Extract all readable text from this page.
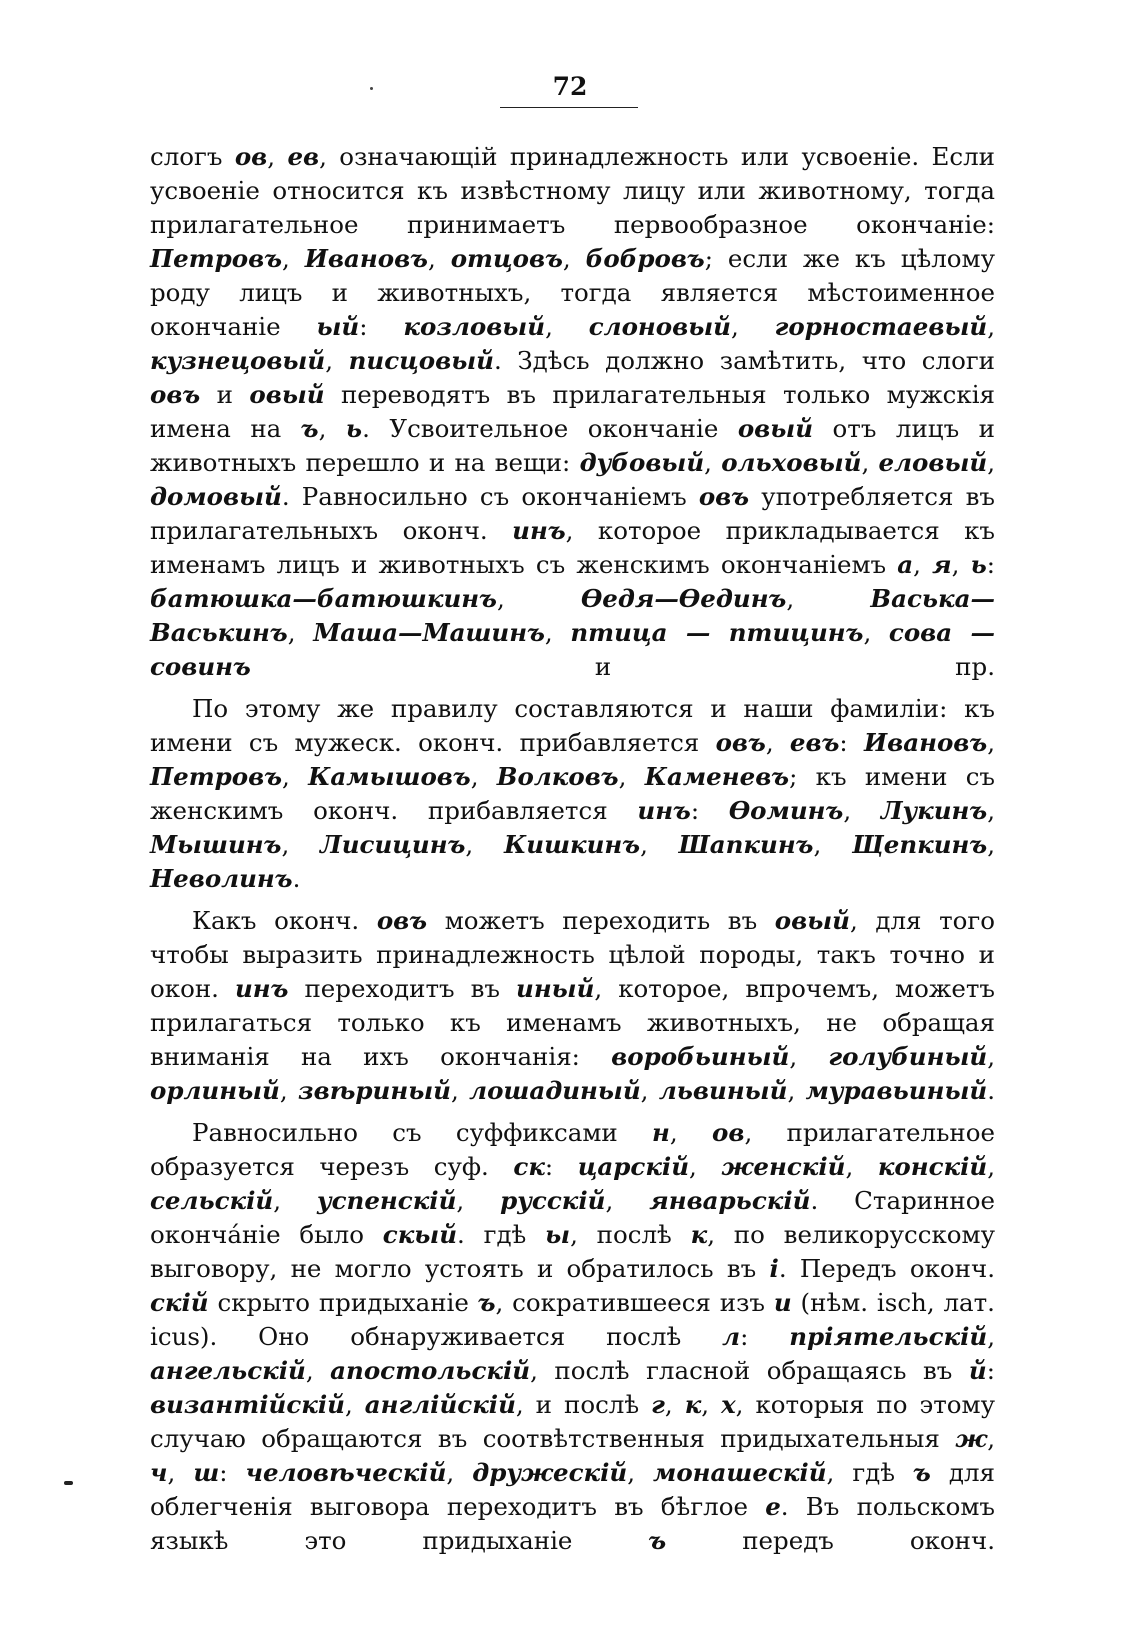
72

слогъ ов, ев, означающій принадлежность или усвоеніе. Если усвоеніе относится къ извѣстному лицу или животному, тогда прилагательное принимаетъ первообразное окончаніе: Петровъ, Ивановъ, отцовъ, бобровъ; если же къ цѣлому роду лицъ и животныхъ, тогда является мѣстоименное окончаніе ый: козловый, слоновый, горностаевый, кузнецовый, писцовый. Здѣсь должно замѣтить, что слоги овъ и овый переводятъ въ прилагательныя только мужскія имена на ъ, ь. Усвоительное окончаніе овый отъ лицъ и животныхъ перешло и на вещи: дубовый, ольховый, еловый, домовый. Равносильно съ окончаніемъ овъ употребляется въ прилагательныхъ оконч. инъ, которое прикладывается къ именамъ лицъ и животныхъ съ женскимъ окончаніемъ а, я, ь: батюшка—батюшкинъ, Ѳедя—Ѳединъ, Васька—Васькинъ, Маша—Машинъ, птица — птицинъ, сова — совинъ и пр.

По этому же правилу составляются и наши фамиліи: къ имени съ мужеск. оконч. прибавляется овъ, евъ: Ивановъ, Петровъ, Камышовъ, Волковъ, Каменевъ; къ имени съ женскимъ оконч. прибавляется инъ: Ѳоминъ, Лукинъ, Мышинъ, Лисицинъ, Кишкинъ, Шапкинъ, Щепкинъ, Неволинъ.

Какъ оконч. овъ можетъ переходить въ овый, для того чтобы выразить принадлежность цѣлой породы, такъ точно и окон. инъ переходитъ въ иный, которое, впрочемъ, можетъ прилагаться только къ именамъ животныхъ, не обращая вниманія на ихъ окончанія: воробьиный, голубиный, орлиный, звѣриный, лошадиный, львиный, муравьиный.

Равносильно съ суффиксами н, ов, прилагательное образуется черезъ суф. ск: царскій, женскій, конскій, сельскій, успенскій, русскій, январьскій. Старинное оконча́ніе было скый. гдѣ ы, послѣ к, по великорусскому выговору, не могло устоять и обратилось въ і. Передъ оконч. скій скрыто придыханіе ъ, сократившееся изъ и (нѣм. isch, лат. icus). Оно обнаруживается послѣ л: пріятельскій, ангельскій, апостольскій, послѣ гласной обращаясь въ й: византійскій, англійскій, и послѣ г, к, х, которыя по этому случаю обращаются въ соотвѣтственныя придыхательныя ж, ч, ш: человѣческій, дружескій, монашескій, гдѣ ъ для облегченія выговора переходитъ въ бѣглое е. Въ польскомъ языкѣ это придыханіе ъ передъ оконч.
